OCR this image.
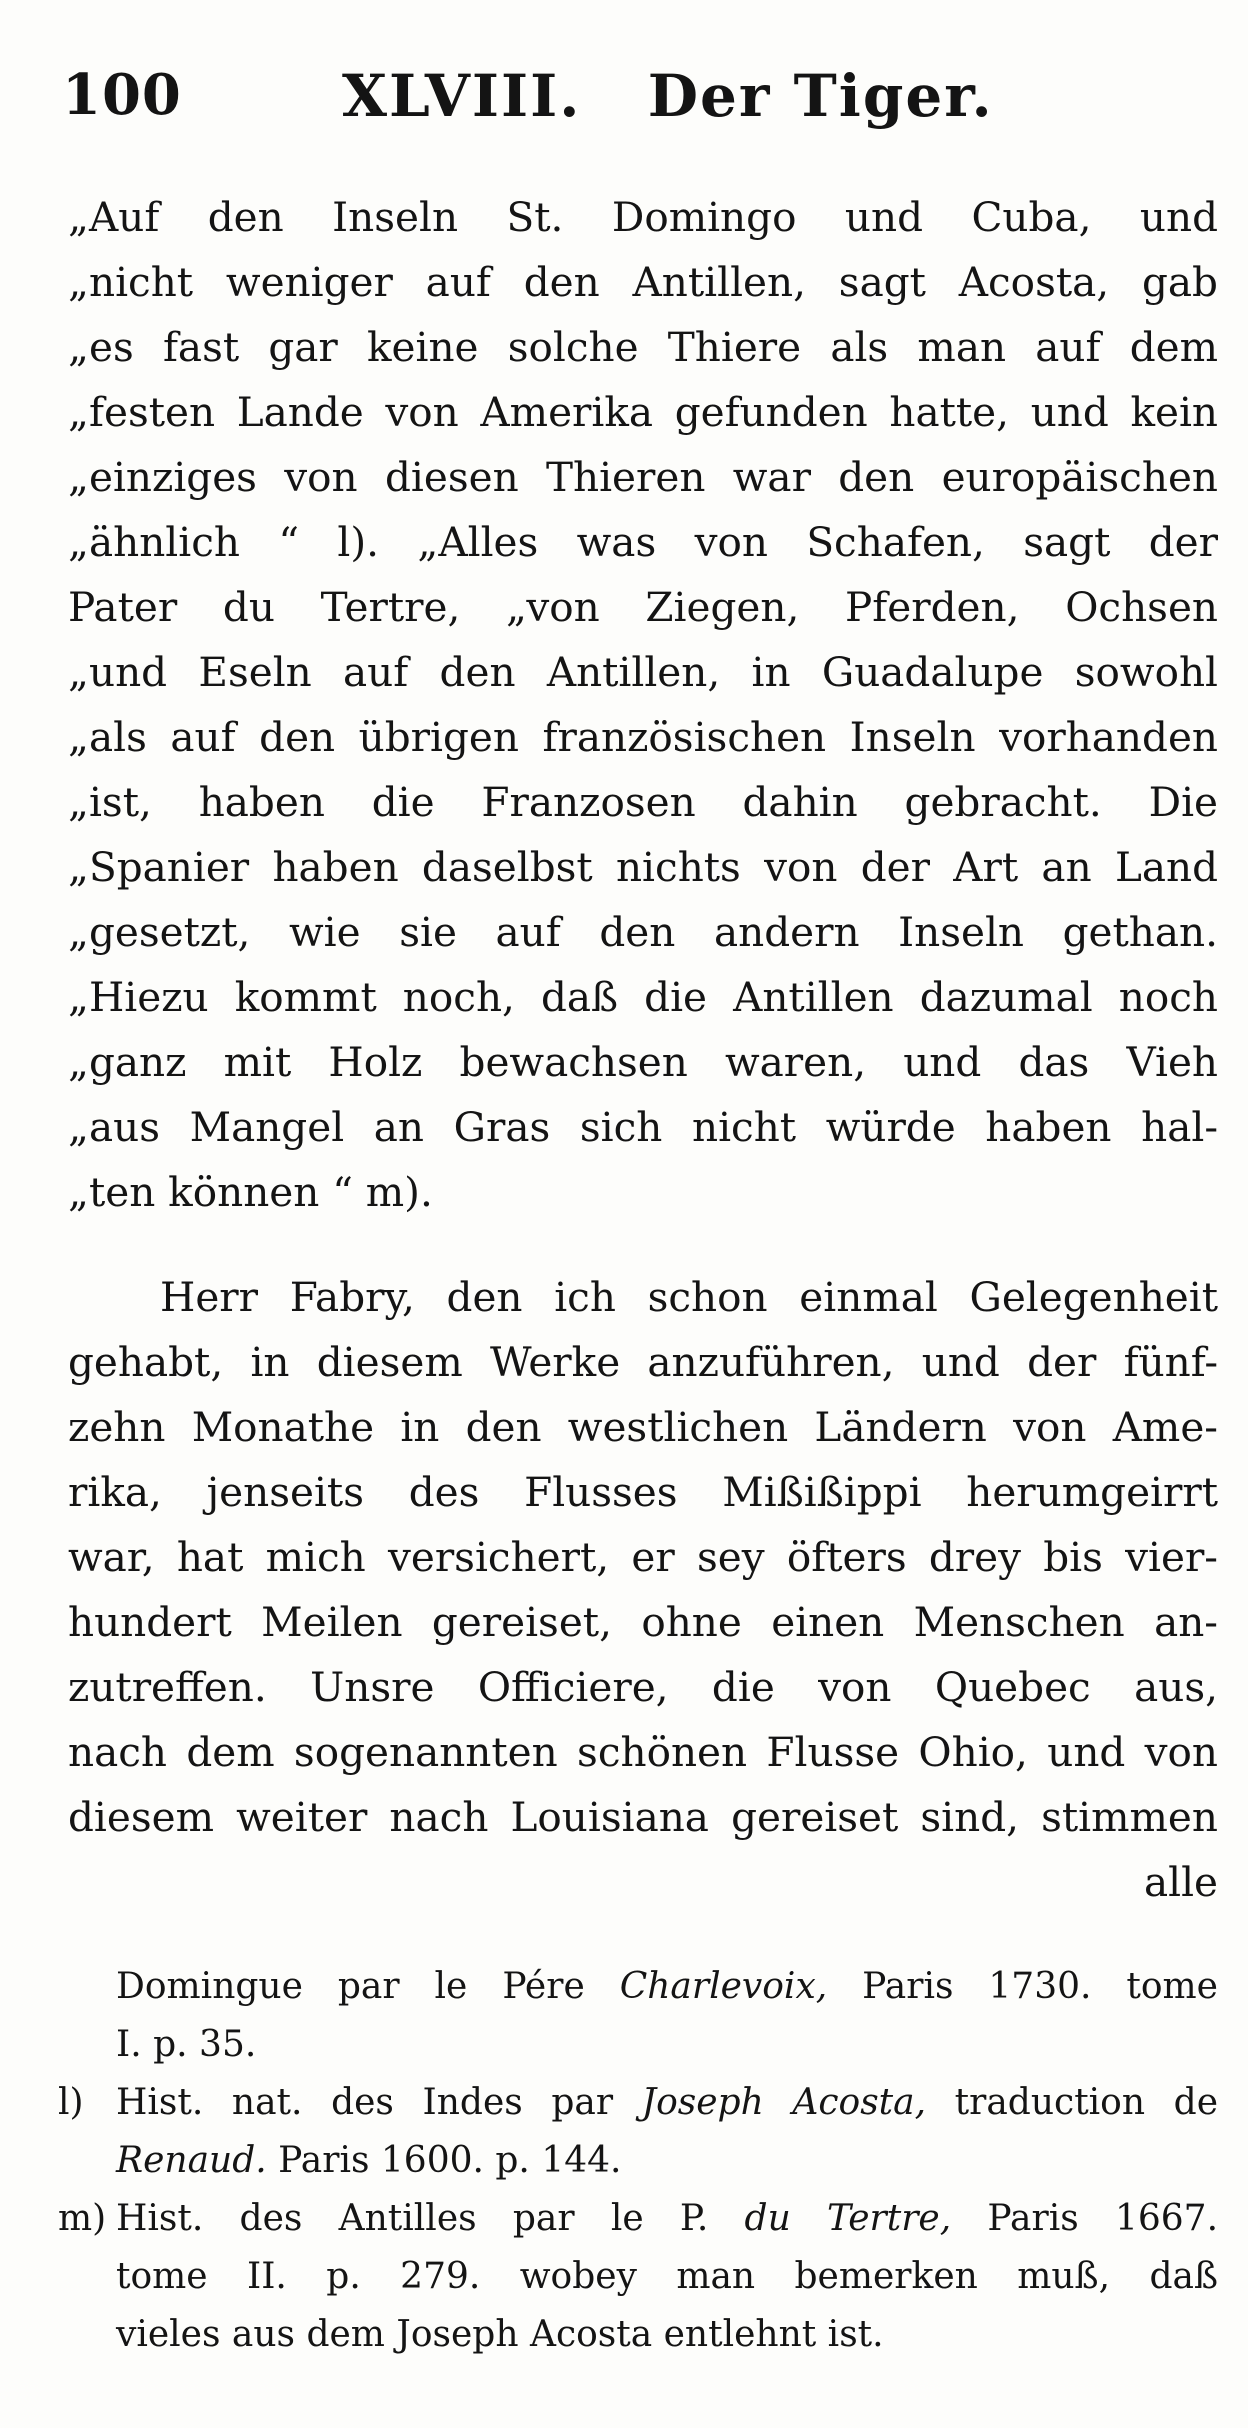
100	XLVIII. Der Tiger.
„Auf den Inseln St. Domingo und Cuba, und
„nicht weniger auf den Antillen, sagt Acosta, gab
„es fast gar keine solche Thiere als man auf dem
„festen Lande von Amerika gefunden hatte, und kein
„einziges von diesen Thieren war den europäischen
„ähnlich “ l). „Alles was von Schafen, sagt der
Pater du Tertre, „von Ziegen, Pferden, Ochsen
„und Eseln auf den Antillen, in Guadalupe sowohl
„als auf den übrigen französischen Inseln vorhanden
„ist, haben die Franzosen dahin gebracht. Die
„Spanier haben daselbst nichts von der Art an Land
„gesetzt, wie sie auf den andern Inseln gethan.
„Hiezu kommt noch, daß die Antillen dazumal noch
„ganz mit Holz bewachsen waren, und das Vieh
„aus Mangel an Gras sich nicht würde haben hal-
„ten können “ m).
Herr Fabry, den ich schon einmal Gelegenheit
gehabt, in diesem Werke anzuführen, und der fünf-
zehn Monathe in den westlichen Ländern von Ame-
rika, jenseits des Flusses Mißißippi herumgeirrt
war, hat mich versichert, er sey öfters drey bis vier-
hundert Meilen gereiset, ohne einen Menschen an-
zutreffen. Unsre Officiere, die von Quebec aus,
nach dem sogenannten schönen Flusse Ohio, und von
diesem weiter nach Louisiana gereiset sind, stimmen
alle
Domingue par le Pére Charlevoix, Paris 1730. tome
I. p. 35.
l) Hist. nat. des Indes par Joseph Acosta, traduction de
Renaud. Paris 1600. p. 144.
m) Hist. des Antilles par le P. du Tertre, Paris 1667.
tome II. p. 279. wobey man bemerken muß, daß
vieles aus dem Joseph Acosta entlehnt ist.
